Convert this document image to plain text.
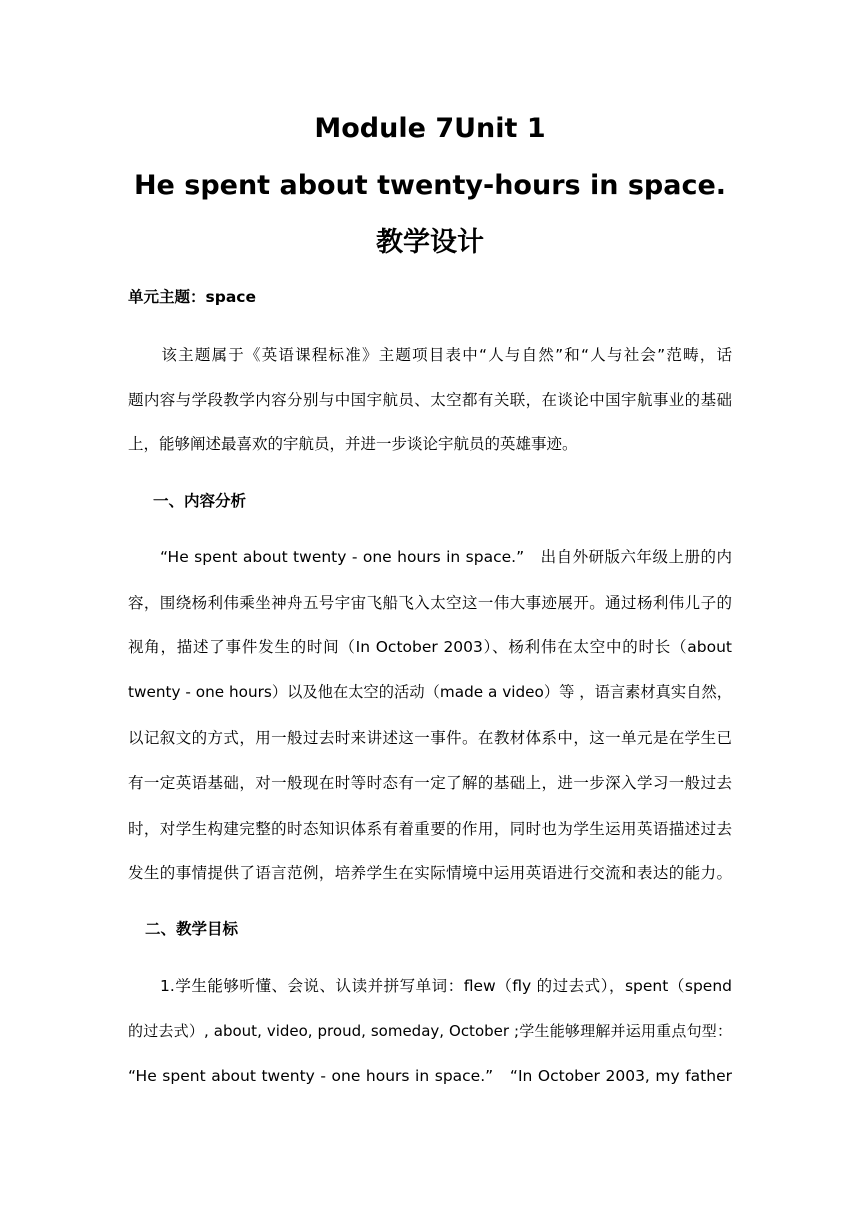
Module 7Unit 1
He spent about twenty-hours in space.
教学设计
单元主题：space
　　该主题属于《英语课程标准》主题项目表中“人与自然”和“人与社会”范畴，话
题内容与学段教学内容分别与中国宇航员、太空都有关联，在谈论中国宇航事业的基础
上，能够阐述最喜欢的宇航员，并进一步谈论宇航员的英雄事迹。
一、内容分析
　　“He spent about twenty - one hours in space.”　出自外研版六年级上册的内
容，围绕杨利伟乘坐神舟五号宇宙飞船飞入太空这一伟大事迹展开。通过杨利伟儿子的
视角，描述了事件发生的时间（In October 2003）、杨利伟在太空中的时长（about
twenty - one hours）以及他在太空的活动（made a video）等 ，语言素材真实自然，
以记叙文的方式，用一般过去时来讲述这一事件。在教材体系中，这一单元是在学生已
有一定英语基础，对一般现在时等时态有一定了解的基础上，进一步深入学习一般过去
时，对学生构建完整的时态知识体系有着重要的作用，同时也为学生运用英语描述过去
发生的事情提供了语言范例，培养学生在实际情境中运用英语进行交流和表达的能力。
二、教学目标
　　1.学生能够听懂、会说、认读并拼写单词：flew（fly 的过去式），spent（spend
的过去式）, about, video, proud, someday, October ;学生能够理解并运用重点句型：
“He spent about twenty - one hours in space.”　“In October 2003, my father
